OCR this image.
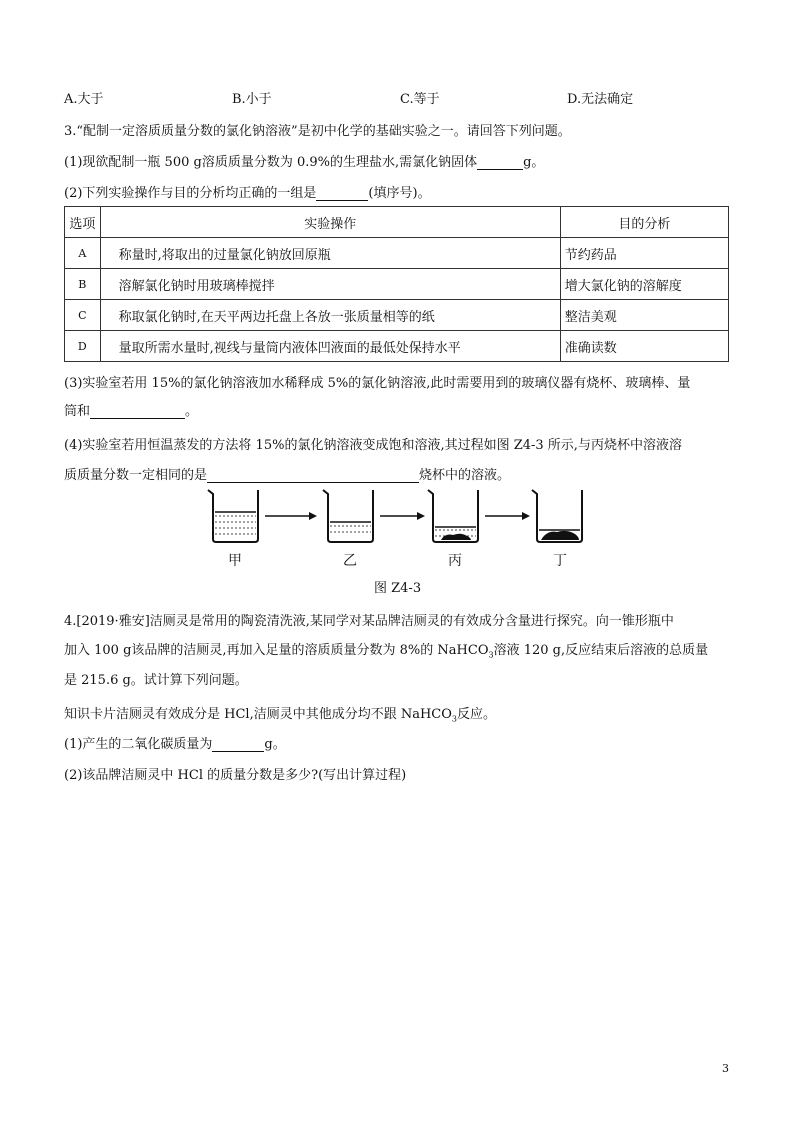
A.大于	B.小于	C.等于	D.无法确定
3.“配制一定溶质质量分数的氯化钠溶液”是初中化学的基础实验之一。请回答下列问题。
(1)现欲配制一瓶 500 g溶质质量分数为 0.9%的生理盐水,需氯化钠固体	g。
(2)下列实验操作与目的分析均正确的一组是	(填序号)。
选项	实验操作	目的分析
A	称量时,将取出的过量氯化钠放回原瓶	节约药品
B	溶解氯化钠时用玻璃棒搅拌	增大氯化钠的溶解度
C	称取氯化钠时,在天平两边托盘上各放一张质量相等的纸	整洁美观
D	量取所需水量时,视线与量筒内液体凹液面的最低处保持水平	准确读数
(3)实验室若用 15%的氯化钠溶液加水稀释成 5%的氯化钠溶液,此时需要用到的玻璃仪器有烧杯、玻璃棒、量
筒和	。
(4)实验室若用恒温蒸发的方法将 15%的氯化钠溶液变成饱和溶液,其过程如图 Z4-3 所示,与丙烧杯中溶液溶
质质量分数一定相同的是	烧杯中的溶液。
甲	乙	丙	丁
图 Z4-3
4.[2019·雅安]洁厕灵是常用的陶瓷清洗液,某同学对某品牌洁厕灵的有效成分含量进行探究。向一锥形瓶中
加入 100 g该品牌的洁厕灵,再加入足量的溶质质量分数为 8%的 NaHCO$_3$溶液 120 g,反应结束后溶液的总质量
是 215.6 g。试计算下列问题。
知识卡片洁厕灵有效成分是 HCl,洁厕灵中其他成分均不跟 NaHCO$_3$反应。
(1)产生的二氧化碳质量为	g。
(2)该品牌洁厕灵中 HCl 的质量分数是多少?(写出计算过程)
3
